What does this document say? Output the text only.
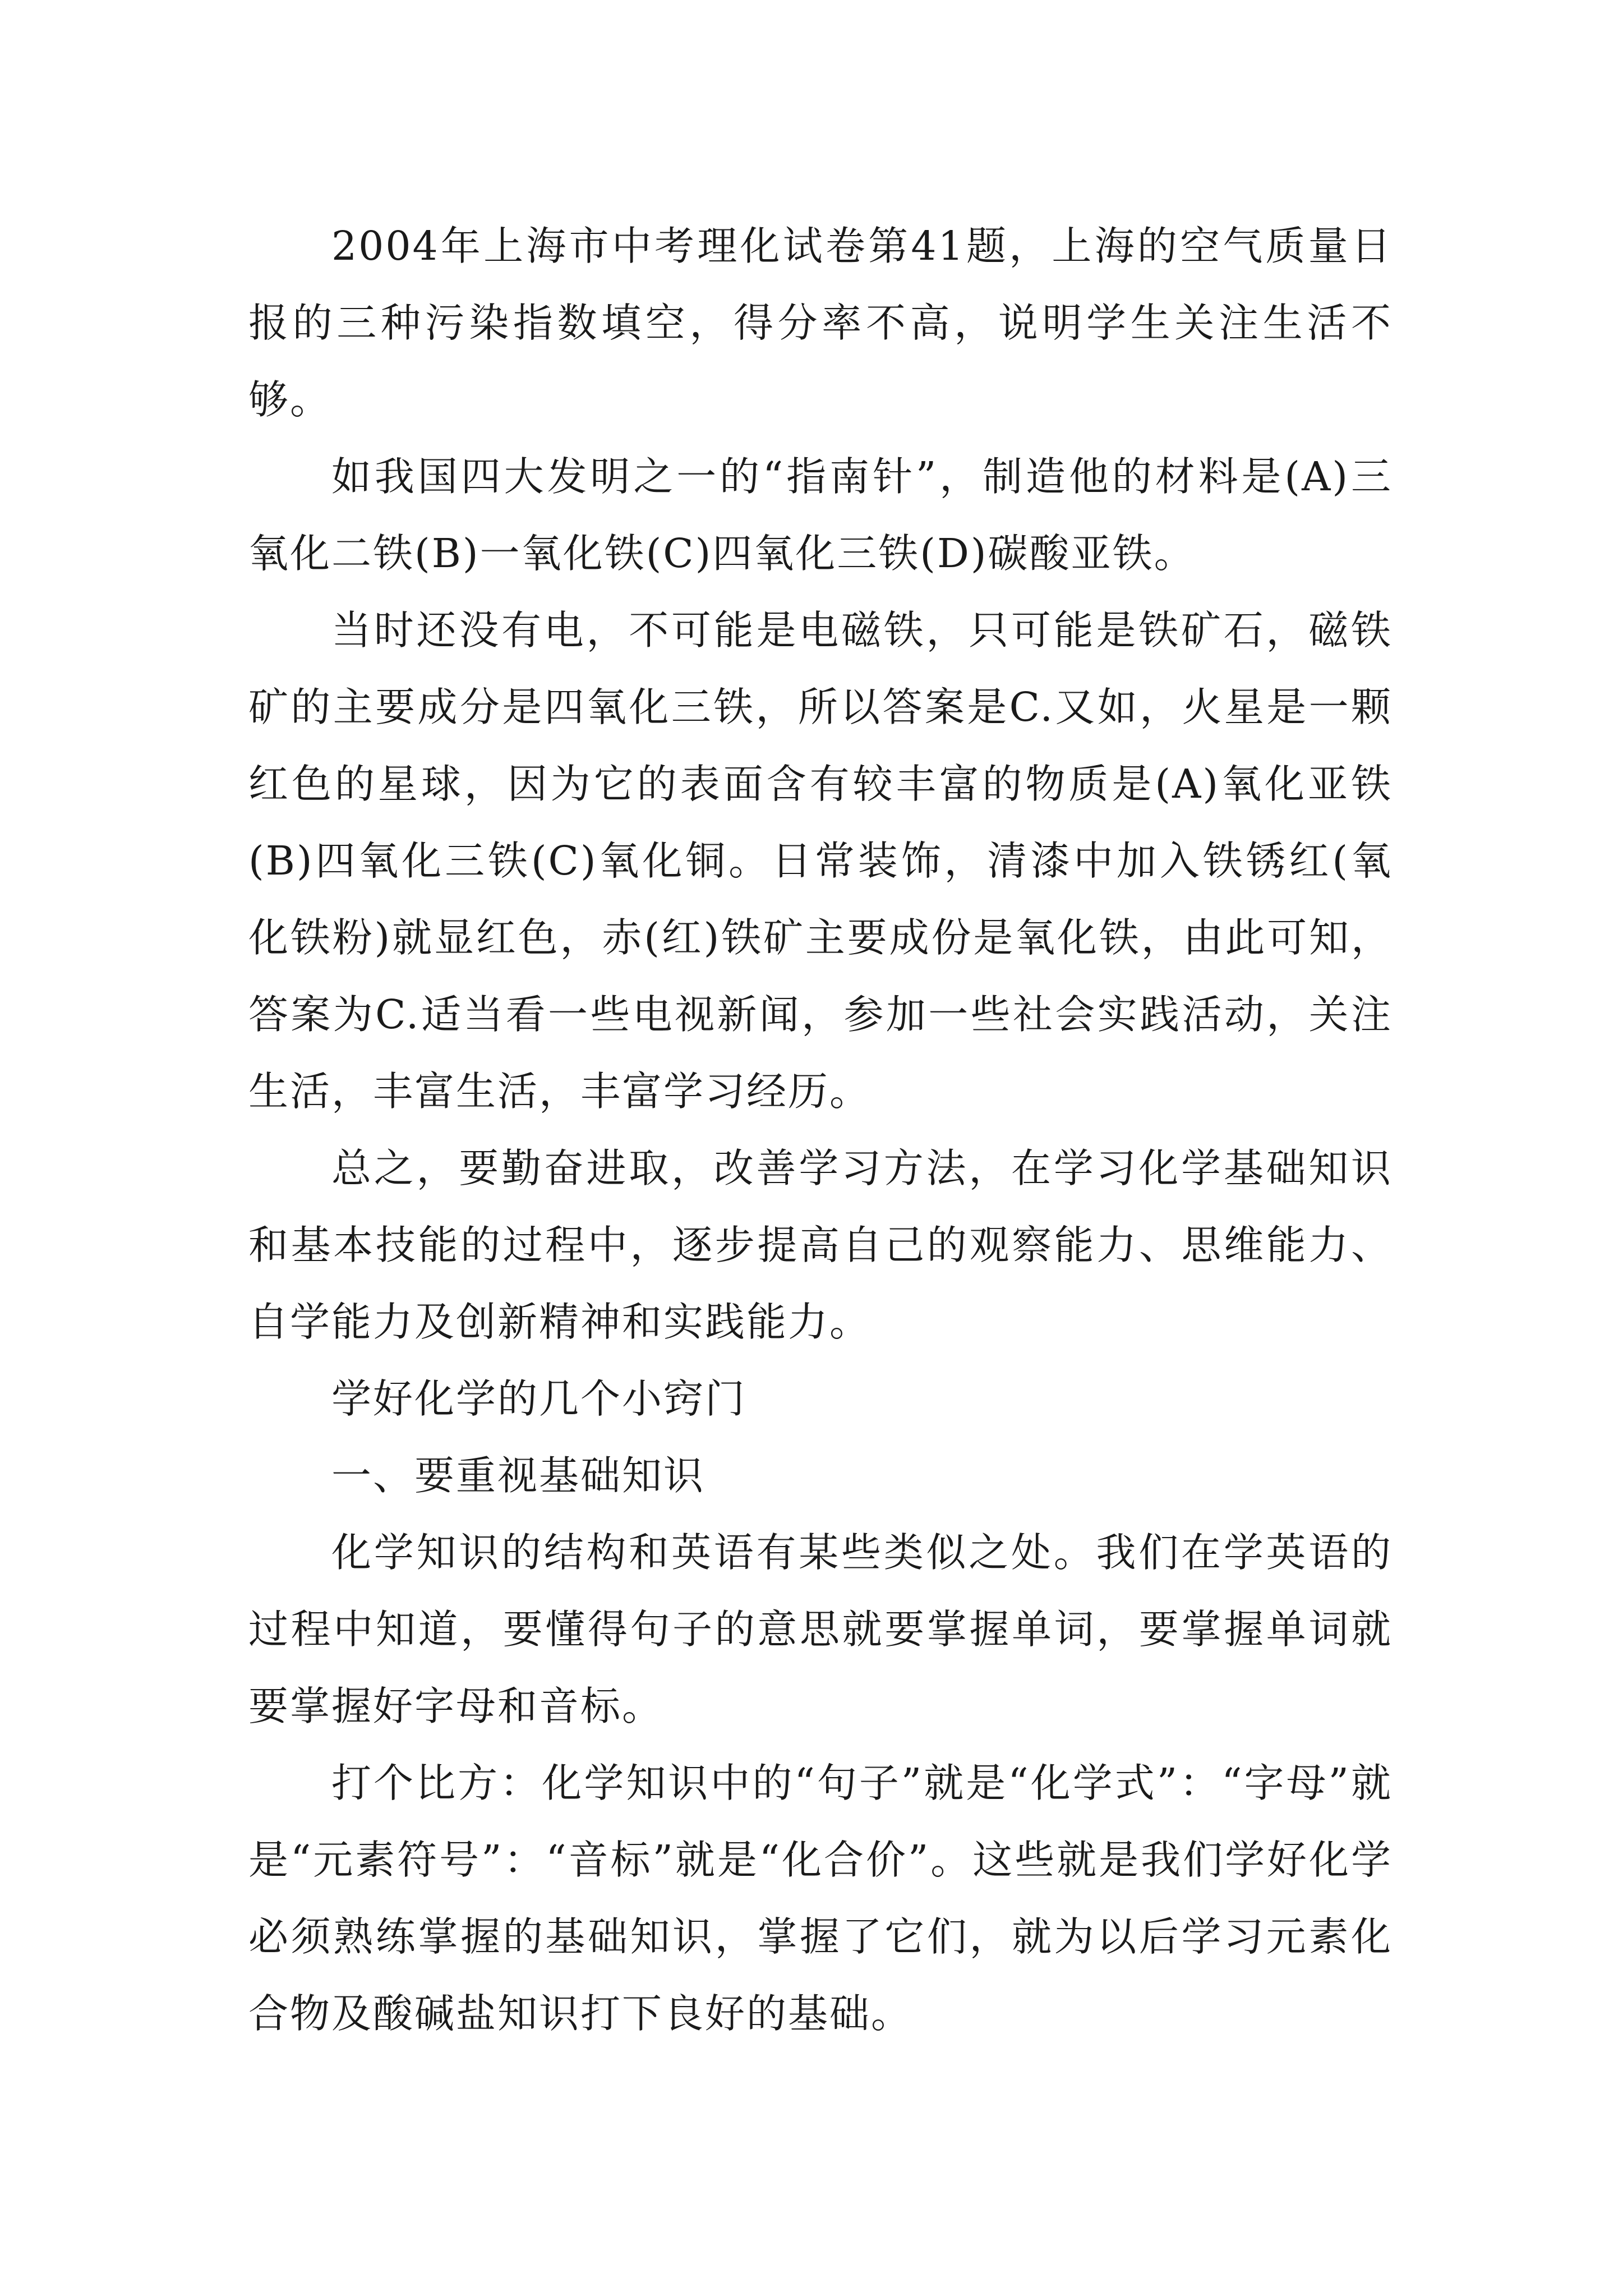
2004年上海市中考理化试卷第41题，上海的空气质量日报的三种污染指数填空，得分率不高，说明学生关注生活不够。

如我国四大发明之一的“指南针”，制造他的材料是(A)三氧化二铁(B)一氧化铁(C)四氧化三铁(D)碳酸亚铁。

当时还没有电，不可能是电磁铁，只可能是铁矿石，磁铁矿的主要成分是四氧化三铁，所以答案是C.又如，火星是一颗红色的星球，因为它的表面含有较丰富的物质是(A)氧化亚铁(B)四氧化三铁(C)氧化铜。日常装饰，清漆中加入铁锈红(氧化铁粉)就显红色，赤(红)铁矿主要成份是氧化铁，由此可知，答案为C.适当看一些电视新闻，参加一些社会实践活动，关注生活，丰富生活，丰富学习经历。

总之，要勤奋进取，改善学习方法，在学习化学基础知识和基本技能的过程中，逐步提高自己的观察能力、思维能力、自学能力及创新精神和实践能力。

学好化学的几个小窍门

一、要重视基础知识

化学知识的结构和英语有某些类似之处。我们在学英语的过程中知道，要懂得句子的意思就要掌握单词，要掌握单词就要掌握好字母和音标。

打个比方：化学知识中的“句子”就是“化学式”：“字母”就是“元素符号”：“音标”就是“化合价”。这些就是我们学好化学必须熟练掌握的基础知识，掌握了它们，就为以后学习元素化合物及酸碱盐知识打下良好的基础。
